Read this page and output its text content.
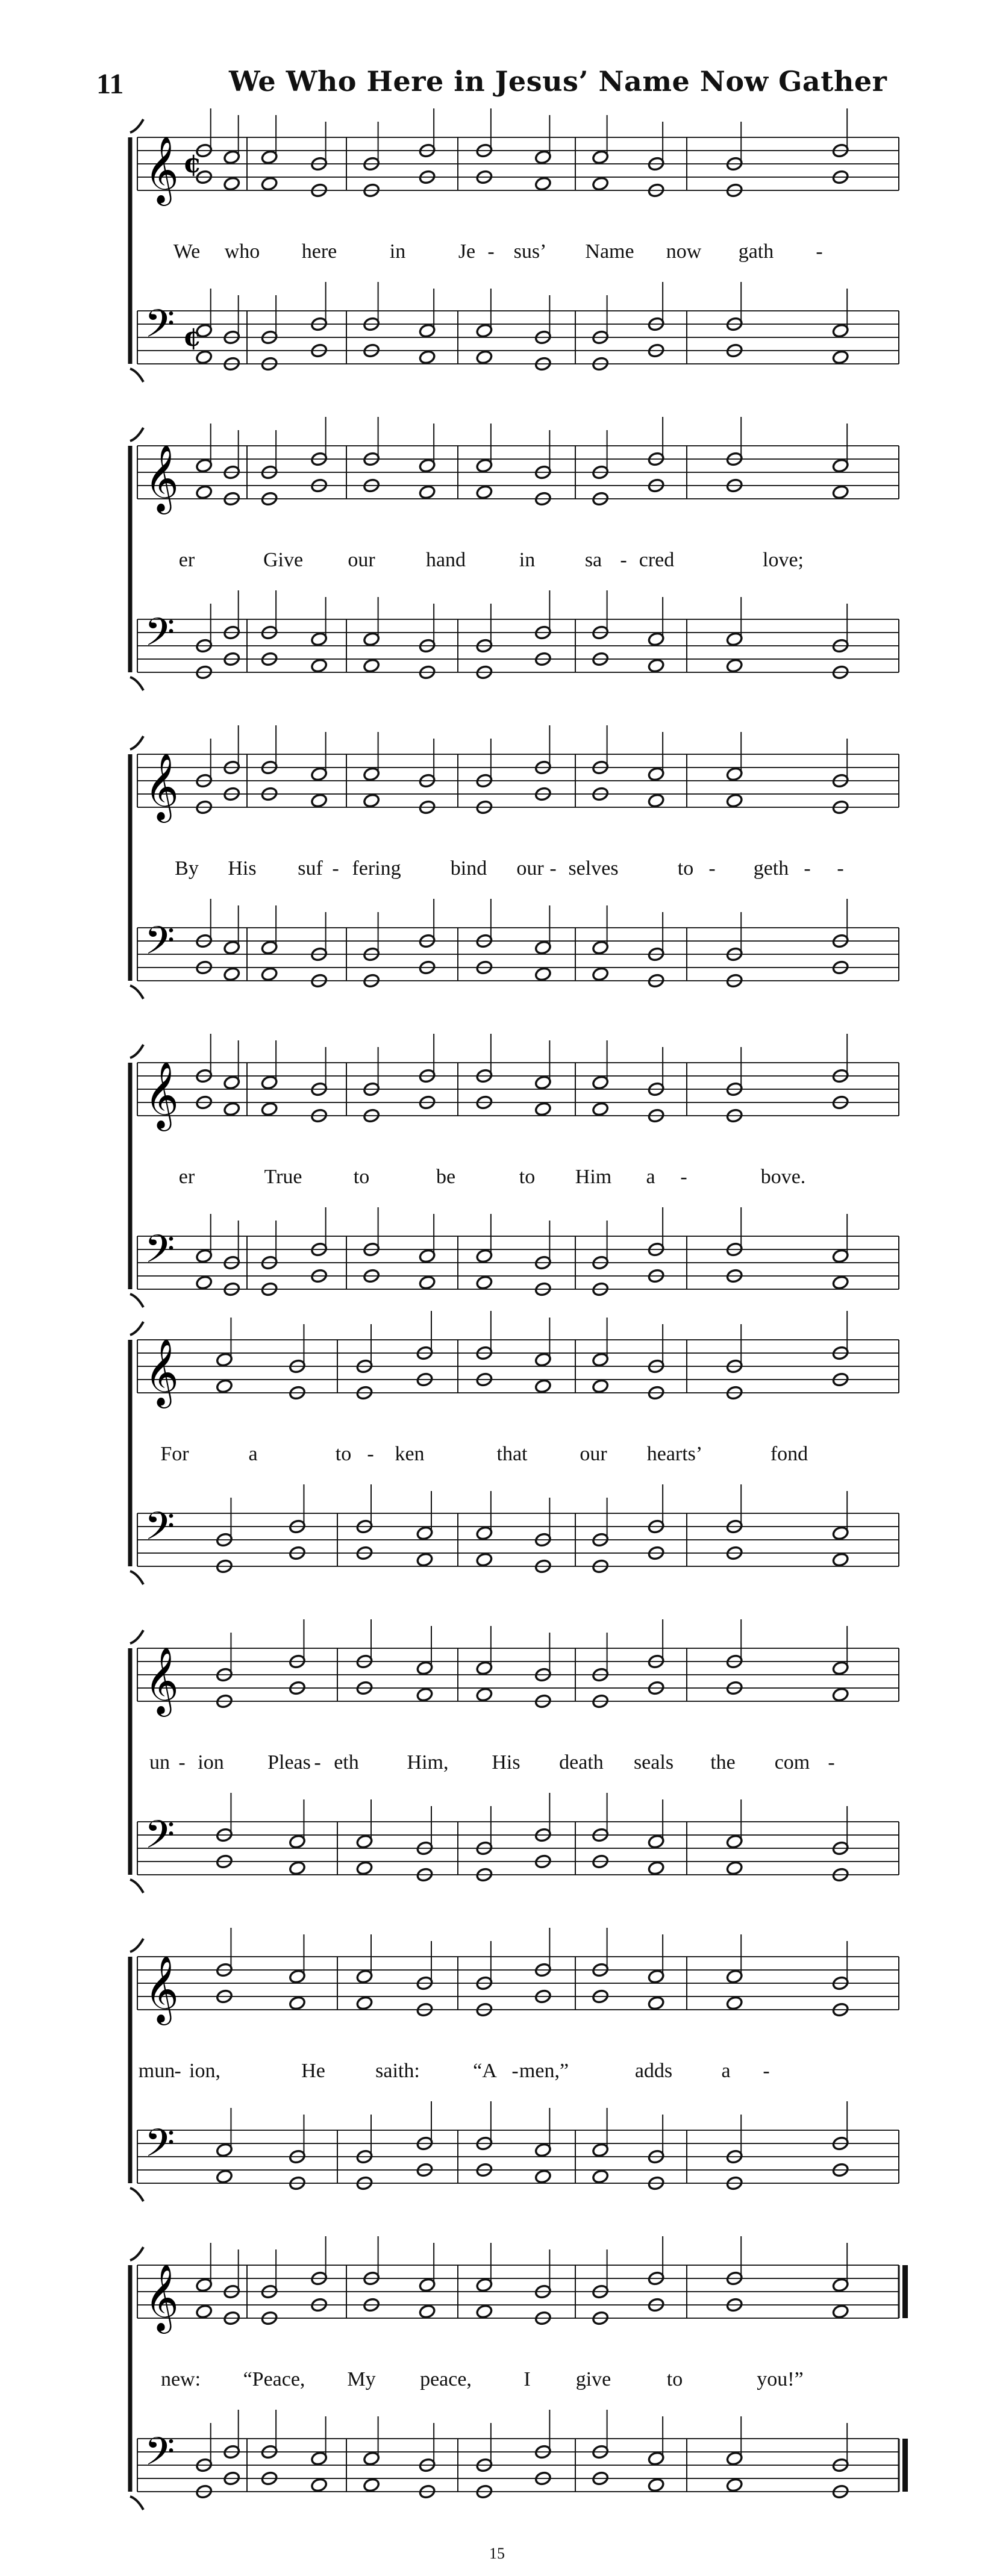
11	We Who Here in Jesus’ Name Now Gather
𝄞 ¢
𝄢 ¢
We who here	in	Je - sus’ Name now gath -
𝄞
𝄢
er	Give our hand	in sa - cred	love;
𝄞
𝄢
By His suf - fering bind our - selves	to - geth - -
𝄞
𝄢
er	True	to	be	to Him a -	bove.
𝄞
𝄢
For	a	to - ken	that	our hearts’	fond
𝄞
𝄢
un - ion Pleas - eth Him, His death seals the com -
𝄞
𝄢
mun - ion,	He saith:	“A - men,”	adds a -
𝄞
𝄢
new: “Peace, My peace,	I give	to	you!”
15
